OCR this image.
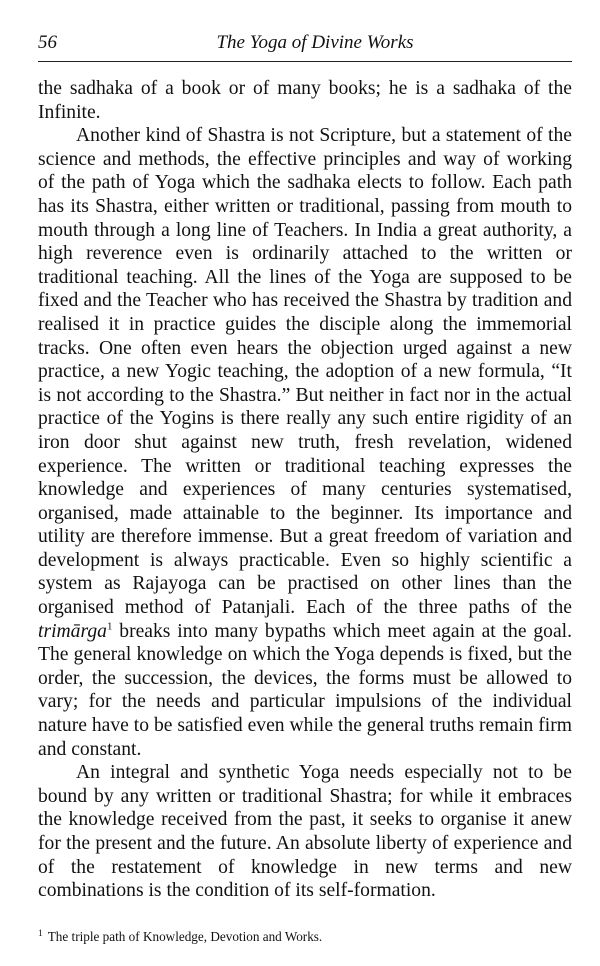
56	The Yoga of Divine Works

the sadhaka of a book or of many books; he is a sadhaka of the Infinite.

Another kind of Shastra is not Scripture, but a statement of the science and methods, the effective principles and way of working of the path of Yoga which the sadhaka elects to follow. Each path has its Shastra, either written or traditional, passing from mouth to mouth through a long line of Teachers. In India a great authority, a high reverence even is ordinarily attached to the written or traditional teaching. All the lines of the Yoga are supposed to be fixed and the Teacher who has received the Shastra by tradition and realised it in practice guides the disciple along the immemorial tracks. One often even hears the objection urged against a new practice, a new Yogic teaching, the adoption of a new formula, “It is not according to the Shastra.” But neither in fact nor in the actual practice of the Yogins is there really any such entire rigidity of an iron door shut against new truth, fresh revelation, widened experience. The written or traditional teaching expresses the knowledge and experiences of many centuries systematised, organised, made attainable to the beginner. Its importance and utility are therefore immense. But a great freedom of variation and development is always practicable. Even so highly scientific a system as Rajayoga can be practised on other lines than the organised method of Patanjali. Each of the three paths of the trimārga$^1$ breaks into many bypaths which meet again at the goal. The general knowledge on which the Yoga depends is fixed, but the order, the succession, the devices, the forms must be allowed to vary; for the needs and particular impulsions of the individual nature have to be satisfied even while the general truths remain firm and constant.

An integral and synthetic Yoga needs especially not to be bound by any written or traditional Shastra; for while it embraces the knowledge received from the past, it seeks to organise it anew for the present and the future. An absolute liberty of experience and of the restatement of knowledge in new terms and new combinations is the condition of its self-formation.

$^1$ The triple path of Knowledge, Devotion and Works.
